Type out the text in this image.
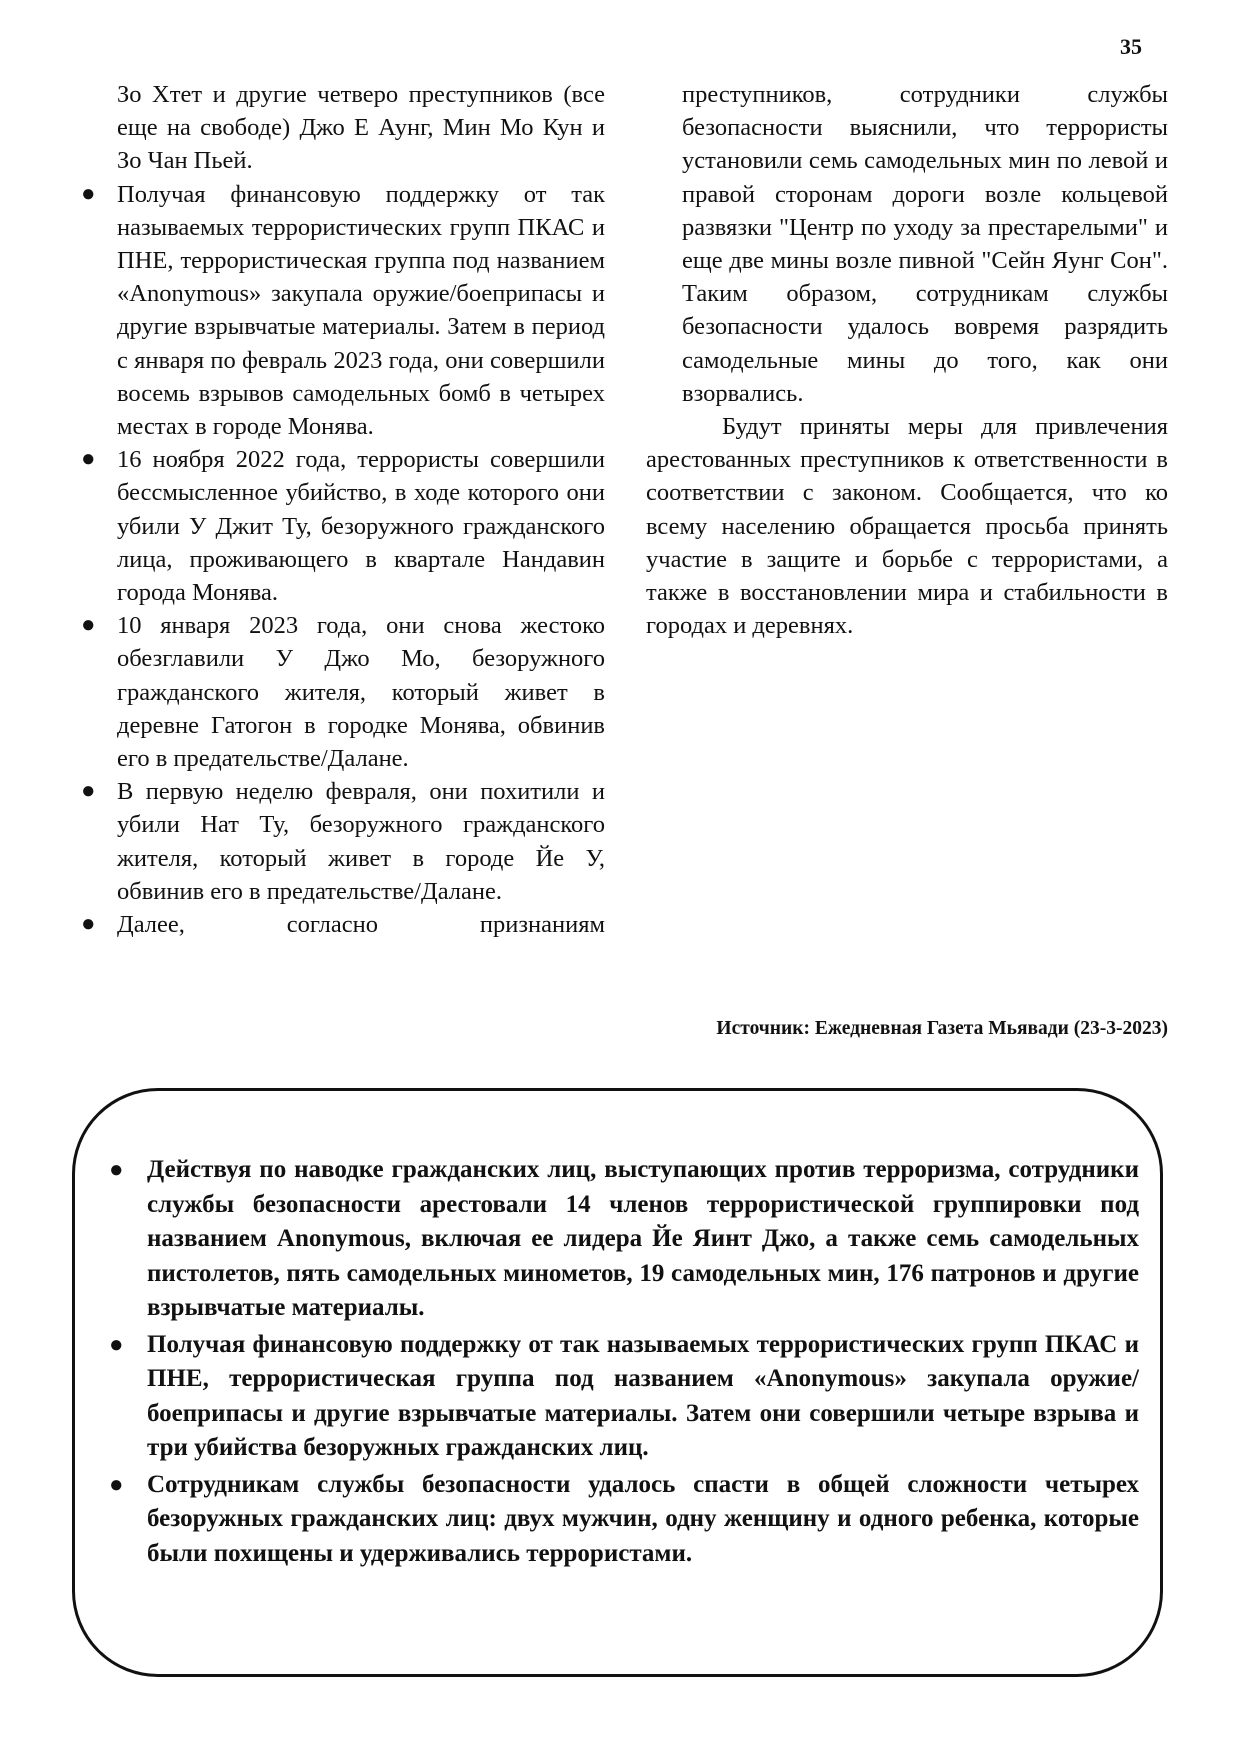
35

Зо Хтет и другие четверо преступников (все еще на свободе) Джо Е Аунг, Мин Мо Кун и Зо Чан Пьей.

● Получая финансовую поддержку от так называемых террористических групп ПКАС и ПНЕ, террористическая группа под названием «Anonymous» закупала оружие/боеприпасы и другие взрывчатые материалы. Затем в период с января по февраль 2023 года, они совершили восемь взрывов самодельных бомб в четырех местах в городе Монява.
● 16 ноября 2022 года, террористы совершили бессмысленное убийство, в ходе которого они убили У Джит Ту, безоружного гражданского лица, проживающего в квартале Нандавин города Монява.
● 10 января 2023 года, они снова жестоко обезглавили У Джо Мо, безоружного гражданского жителя, который живет в деревне Гатогон в городке Монява, обвинив его в предательстве/Далане.
● В первую неделю февраля, они похитили и убили Нат Ту, безоружного гражданского жителя, который живет в городе Йе У, обвинив его в предательстве/Далане.
● Далее, согласно признаниям

преступников, сотрудники службы безопасности выяснили, что террористы установили семь самодельных мин по левой и правой сторонам дороги возле кольцевой развязки "Центр по уходу за престарелыми" и еще две мины возле пивной "Сейн Яунг Сон". Таким образом, сотрудникам службы безопасности удалось вовремя разрядить самодельные мины до того, как они взорвались.

Будут приняты меры для привлечения арестованных преступников к ответственности в соответствии с законом. Сообщается, что ко всему населению обращается просьба принять участие в защите и борьбе с террористами, а также в восстановлении мира и стабильности в городах и деревнях.

Источник: Ежедневная Газета Мьявади (23-3-2023)
● Действуя по наводке гражданских лиц, выступающих против терроризма, сотрудники службы безопасности арестовали 14 членов террористической группировки под названием Anonymous, включая ее лидера Йе Яинт Джо, а также семь самодельных пистолетов, пять самодельных минометов, 19 самодельных мин, 176 патронов и другие взрывчатые материалы.
● Получая финансовую поддержку от так называемых террористических групп ПКАС и ПНЕ, террористическая группа под названием «Anonymous» закупала оружие/боеприпасы и другие взрывчатые материалы. Затем они совершили четыре взрыва и три убийства безоружных гражданских лиц.
● Сотрудникам службы безопасности удалось спасти в общей сложности четырех безоружных гражданских лиц: двух мужчин, одну женщину и одного ребенка, которые были похищены и удерживались террористами.
